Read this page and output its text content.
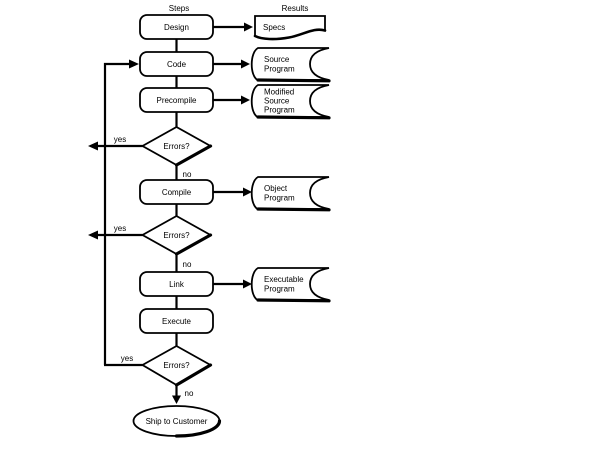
Steps	Results
Design
Code
Precompile
Compile
Link
Execute
Errors?
Errors?
Errors?
Ship to Customer
Specs
Source
Program
Modified
Source
Program
Object
Program
Executable
Program
yes
yes
yes
no
no
no
